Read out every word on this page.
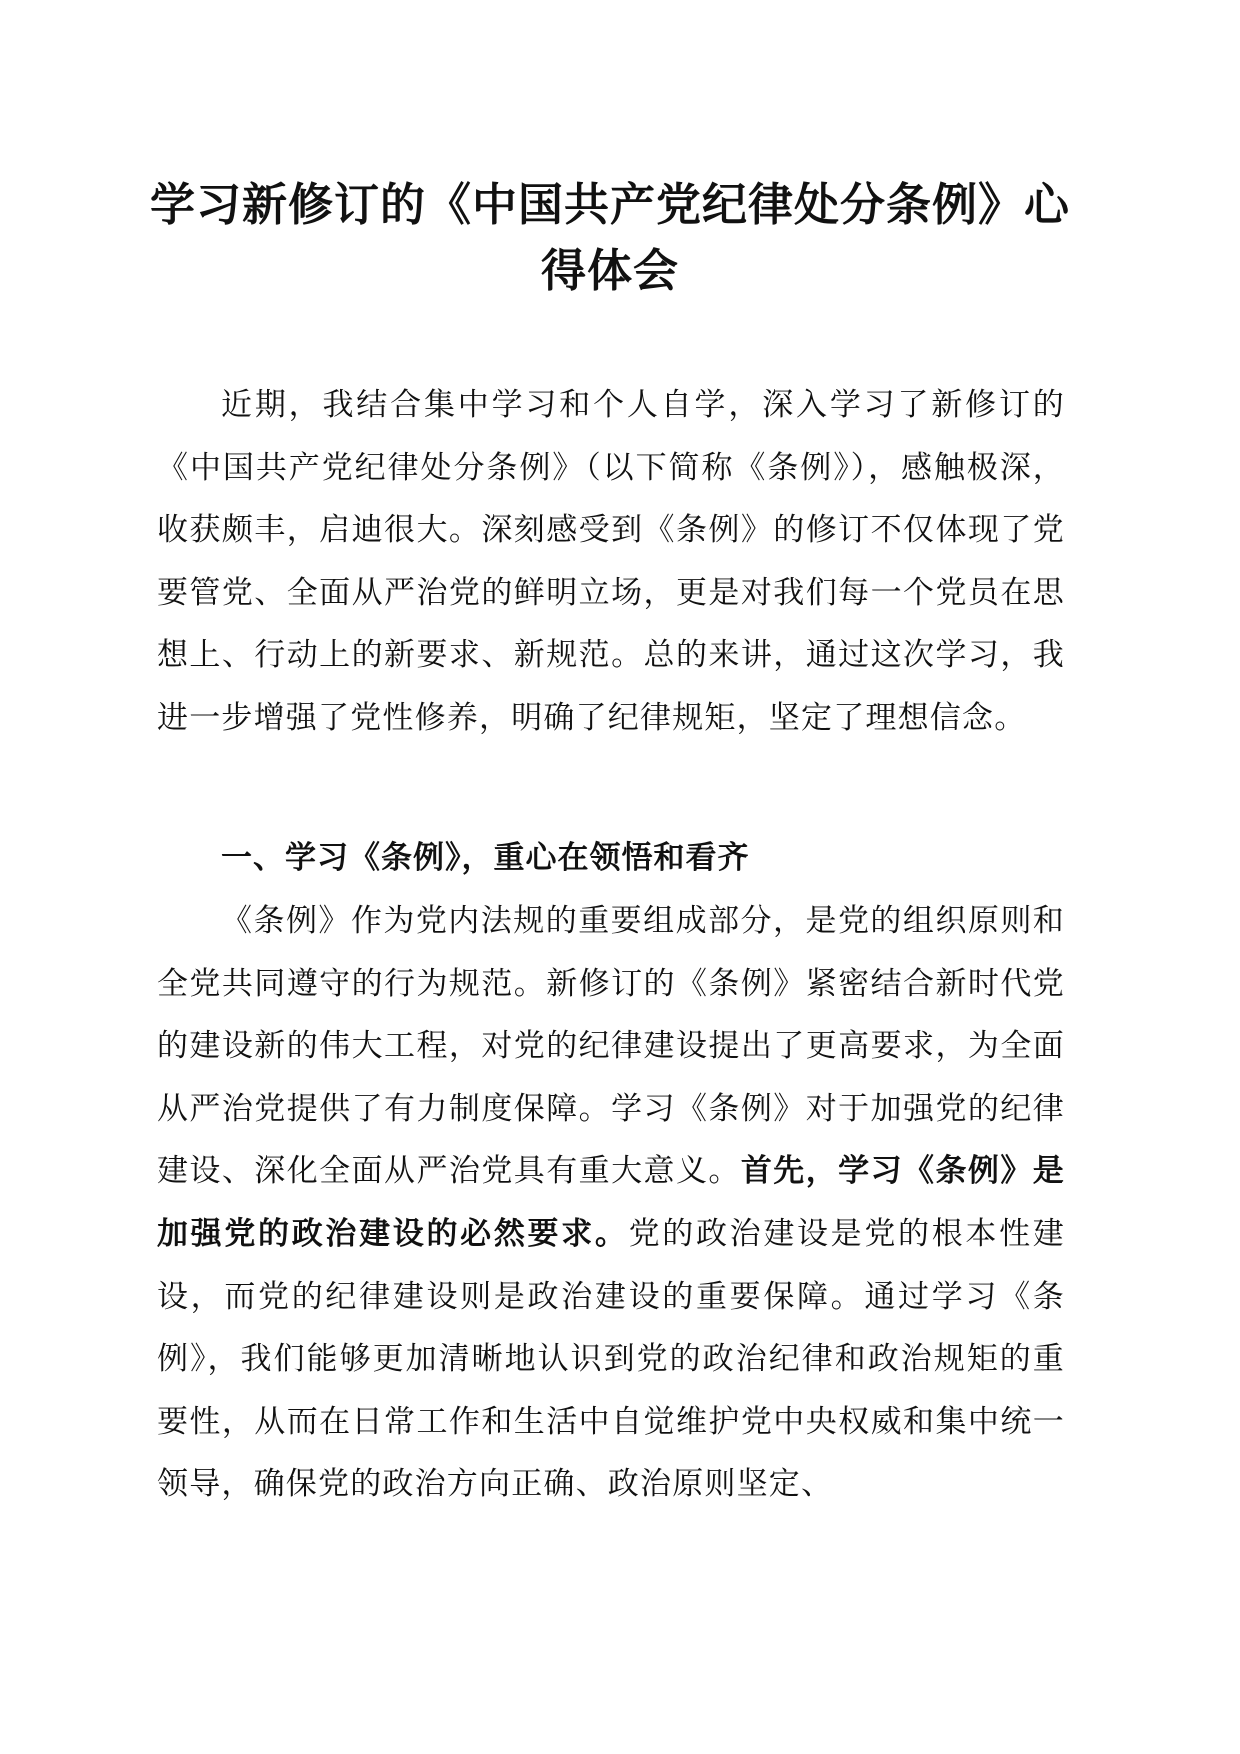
学习新修订的《中国共产党纪律处分条例》心
得体会

近期，我结合集中学习和个人自学，深入学习了新修订的《中国共产党纪律处分条例》（以下简称《条例》），感触极深，收获颇丰，启迪很大。深刻感受到《条例》的修订不仅体现了党要管党、全面从严治党的鲜明立场，更是对我们每一个党员在思想上、行动上的新要求、新规范。总的来讲，通过这次学习，我进一步增强了党性修养，明确了纪律规矩，坚定了理想信念。

一、学习《条例》，重心在领悟和看齐

《条例》作为党内法规的重要组成部分，是党的组织原则和全党共同遵守的行为规范。新修订的《条例》紧密结合新时代党的建设新的伟大工程，对党的纪律建设提出了更高要求，为全面从严治党提供了有力制度保障。学习《条例》对于加强党的纪律建设、深化全面从严治党具有重大意义。首先，学习《条例》是加强党的政治建设的必然要求。党的政治建设是党的根本性建设，而党的纪律建设则是政治建设的重要保障。通过学习《条例》，我们能够更加清晰地认识到党的政治纪律和政治规矩的重要性，从而在日常工作和生活中自觉维护党中央权威和集中统一领导，确保党的政治方向正确、政治原则坚定、
